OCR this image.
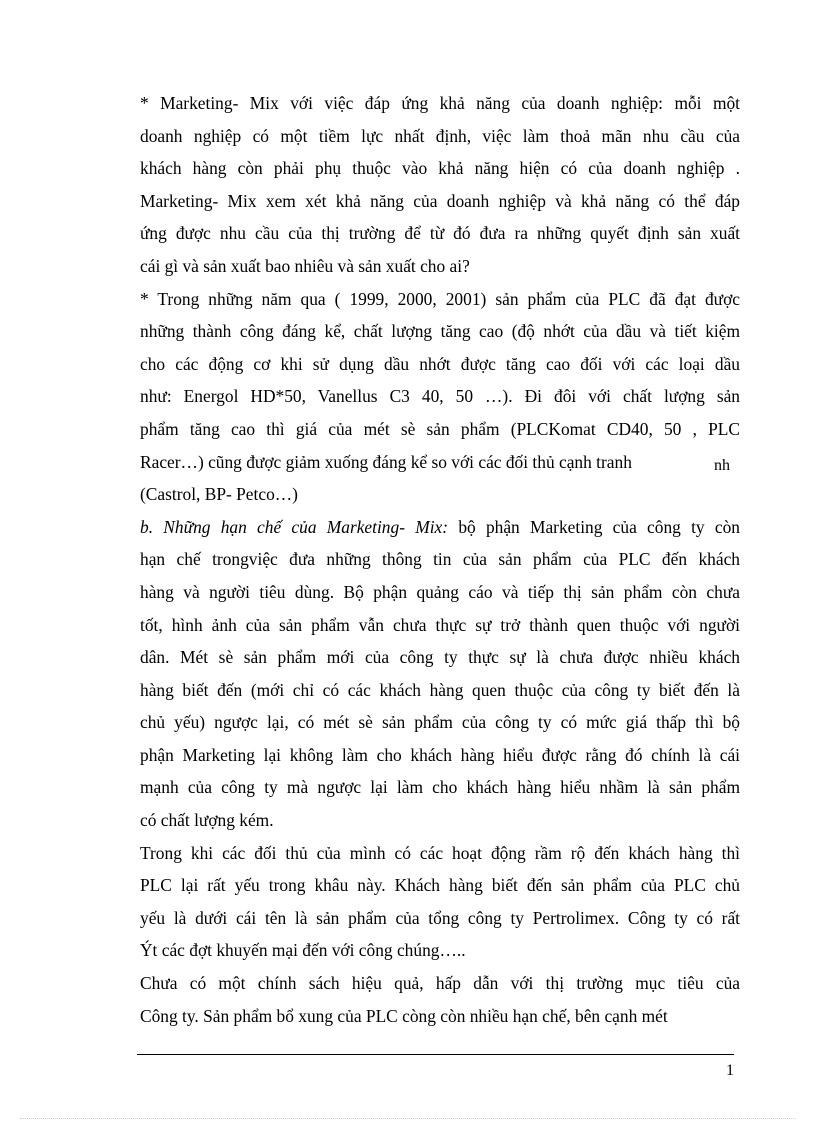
* Marketing- Mix với việc đáp ứng khả năng của doanh nghiệp: mỗi một
doanh nghiệp có một tiềm lực nhất định, việc làm thoả mãn nhu cầu của
khách hàng còn phải phụ thuộc vào khả năng hiện có của doanh nghiệp .
Marketing- Mix xem xét khả năng của doanh nghiệp và khả năng có thể đáp
ứng được nhu cầu của thị trường để từ đó đưa ra những quyết định sản xuất
cái gì và sản xuất bao nhiêu và sản xuất cho ai?
* Trong những năm qua ( 1999, 2000, 2001) sản phẩm của PLC đã đạt được
những thành công đáng kể, chất lượng tăng cao (độ nhớt của dầu và tiết kiệm
cho các động cơ khi sử dụng dầu nhớt được tăng cao đối với các loại dầu
như: Energol HD*50, Vanellus C3 40, 50 …). Đi đôi với chất lượng sản
phẩm tăng cao thì giá của mét sè sản phẩm (PLCKomat CD40, 50 , PLC
Racer…) cũng được giảm xuống đáng kể so với các đối thủ cạnh tranh	nh
(Castrol, BP- Petco…)
b. Những hạn chế của Marketing- Mix: bộ phận Marketing của công ty còn
hạn chế trongviệc đưa những thông tin của sản phẩm của PLC đến khách
hàng và người tiêu dùng. Bộ phận quảng cáo và tiếp thị sản phẩm còn chưa
tốt, hình ảnh của sản phẩm vẫn chưa thực sự trở thành quen thuộc với người
dân. Mét sè sản phẩm mới của công ty thực sự là chưa được nhiều khách
hàng biết đến (mới chỉ có các khách hàng quen thuộc của công ty biết đến là
chủ yếu) ngược lại, có mét sè sản phẩm của công ty có mức giá thấp thì bộ
phận Marketing lại không làm cho khách hàng hiểu được rằng đó chính là cái
mạnh của công ty mà ngược lại làm cho khách hàng hiểu nhầm là sản phẩm
có chất lượng kém.
Trong khi các đối thủ của mình có các hoạt động rầm rộ đến khách hàng thì
PLC lại rất yếu trong khâu này. Khách hàng biết đến sản phẩm của PLC chủ
yếu là dưới cái tên là sản phẩm của tổng công ty Pertrolimex. Công ty có rất
Ýt các đợt khuyến mại đến với công chúng…..
Chưa có một chính sách hiệu quả, hấp dẫn với thị trường mục tiêu của
Công ty. Sản phẩm bổ xung của PLC còng còn nhiều hạn chế, bên cạnh mét
1
